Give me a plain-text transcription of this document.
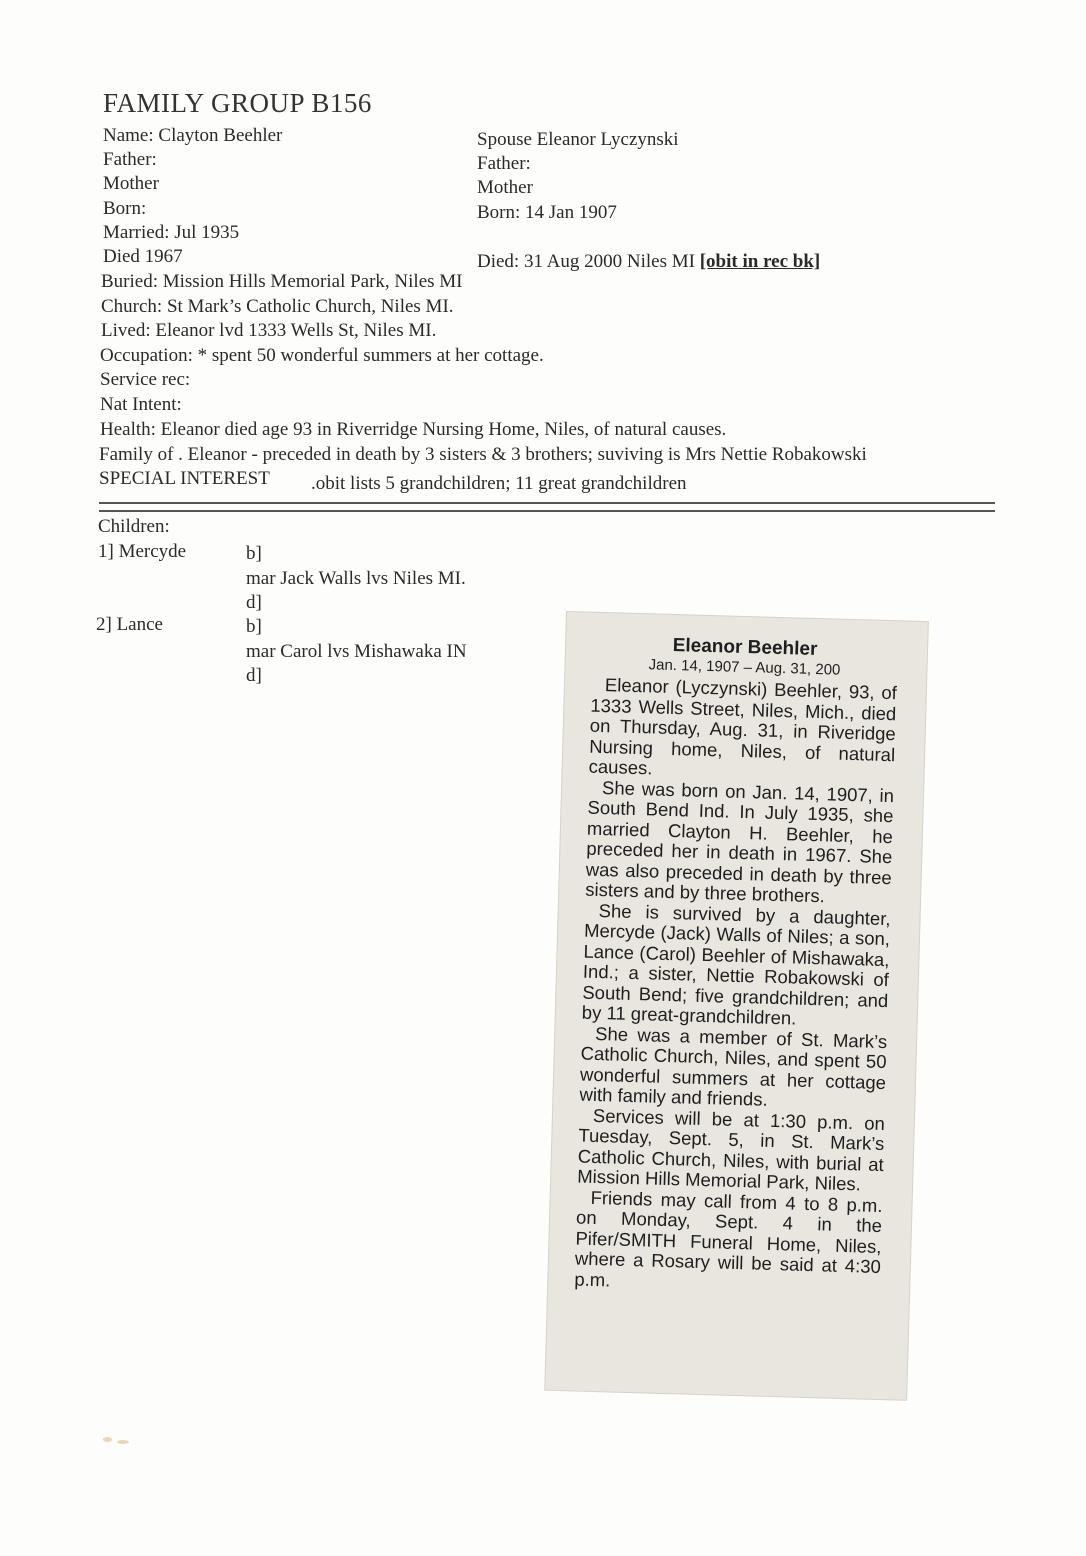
FAMILY GROUP B156
Name: Clayton Beehler
Father:
Mother
Born:
Married: Jul 1935
Died 1967
Spouse Eleanor Lyczynski
Father:
Mother
Born: 14 Jan 1907
Died: 31 Aug 2000 Niles MI [obit in rec bk]
Buried: Mission Hills Memorial Park, Niles MI
Church: St Mark’s Catholic Church, Niles MI.
Lived: Eleanor lvd 1333 Wells St, Niles MI.
Occupation: * spent 50 wonderful summers at her cottage.
Service rec:
Nat Intent:
Health: Eleanor died age 93 in Riverridge Nursing Home, Niles, of natural causes.
Family of . Eleanor - preceded in death by 3 sisters & 3 brothers; suviving is Mrs Nettie Robakowski
SPECIAL INTEREST .obit lists 5 grandchildren; 11 great grandchildren
Children:
1] Mercyde	b]
mar Jack Walls lvs Niles MI.
d]
2] Lance	b]
mar Carol lvs Mishawaka IN
d]
Eleanor Beehler
Jan. 14, 1907 – Aug. 31, 200

Eleanor (Lyczynski) Beehler, 93, of 1333 Wells Street, Niles, Mich., died on Thursday, Aug. 31, in Riveridge Nursing home, Niles, of natural causes.

She was born on Jan. 14, 1907, in South Bend Ind. In July 1935, she married Clayton H. Beehler, he preceded her in death in 1967. She was also preceded in death by three sisters and by three brothers.

She is survived by a daughter, Mercyde (Jack) Walls of Niles; a son, Lance (Carol) Beehler of Mishawaka, Ind.; a sister, Nettie Robakowski of South Bend; five grandchildren; and by 11 great-grandchildren.

She was a member of St. Mark’s Catholic Church, Niles, and spent 50 wonderful summers at her cottage with family and friends.

Services will be at 1:30 p.m. on Tuesday, Sept. 5, in St. Mark’s Catholic Church, Niles, with burial at Mission Hills Memorial Park, Niles.

Friends may call from 4 to 8 p.m. on Monday, Sept. 4 in the Pifer/SMITH Funeral Home, Niles, where a Rosary will be said at 4:30 p.m.
